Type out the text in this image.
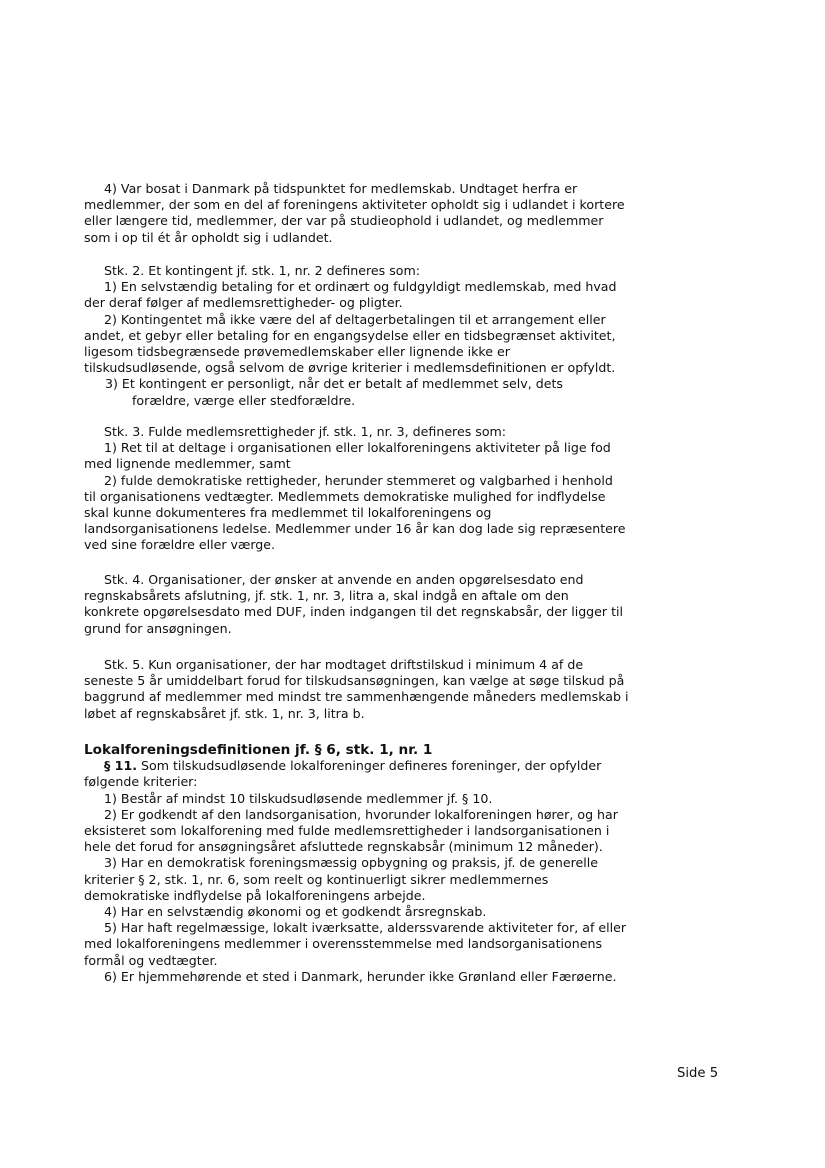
4) Var bosat i Danmark på tidspunktet for medlemskab. Undtaget herfra er

medlemmer, der som en del af foreningens aktiviteter opholdt sig i udlandet i kortere

eller længere tid, medlemmer, der var på studieophold i udlandet, og medlemmer

som i op til ét år opholdt sig i udlandet.

Stk. 2. Et kontingent jf. stk. 1, nr. 2 defineres som:

1) En selvstændig betaling for et ordinært og fuldgyldigt medlemskab, med hvad

der deraf følger af medlemsrettigheder- og pligter.

2) Kontingentet må ikke være del af deltagerbetalingen til et arrangement eller

andet, et gebyr eller betaling for en engangsydelse eller en tidsbegrænset aktivitet,

ligesom tidsbegrænsede prøvemedlemskaber eller lignende ikke er

tilskudsudløsende, også selvom de øvrige kriterier i medlemsdefinitionen er opfyldt.

3) Et kontingent er personligt, når det er betalt af medlemmet selv, dets

forældre, værge eller stedforældre.

Stk. 3. Fulde medlemsrettigheder jf. stk. 1, nr. 3, defineres som:

1) Ret til at deltage i organisationen eller lokalforeningens aktiviteter på lige fod

med lignende medlemmer, samt

2) fulde demokratiske rettigheder, herunder stemmeret og valgbarhed i henhold

til organisationens vedtægter. Medlemmets demokratiske mulighed for indflydelse

skal kunne dokumenteres fra medlemmet til lokalforeningens og

landsorganisationens ledelse. Medlemmer under 16 år kan dog lade sig repræsentere

ved sine forældre eller værge.

Stk. 4. Organisationer, der ønsker at anvende en anden opgørelsesdato end

regnskabsårets afslutning, jf. stk. 1, nr. 3, litra a, skal indgå en aftale om den

konkrete opgørelsesdato med DUF, inden indgangen til det regnskabsår, der ligger til

grund for ansøgningen.

Stk. 5. Kun organisationer, der har modtaget driftstilskud i minimum 4 af de

seneste 5 år umiddelbart forud for tilskudsansøgningen, kan vælge at søge tilskud på

baggrund af medlemmer med mindst tre sammenhængende måneders medlemskab i

løbet af regnskabsåret jf. stk. 1, nr. 3, litra b.

Lokalforeningsdefinitionen jf. § 6, stk. 1, nr. 1

§ 11. Som tilskudsudløsende lokalforeninger defineres foreninger, der opfylder

følgende kriterier:

1) Består af mindst 10 tilskudsudløsende medlemmer jf. § 10.

2) Er godkendt af den landsorganisation, hvorunder lokalforeningen hører, og har

eksisteret som lokalforening med fulde medlemsrettigheder i landsorganisationen i

hele det forud for ansøgningsåret afsluttede regnskabsår (minimum 12 måneder).

3) Har en demokratisk foreningsmæssig opbygning og praksis, jf. de generelle

kriterier § 2, stk. 1, nr. 6, som reelt og kontinuerligt sikrer medlemmernes

demokratiske indflydelse på lokalforeningens arbejde.

4) Har en selvstændig økonomi og et godkendt årsregnskab.

5) Har haft regelmæssige, lokalt iværksatte, alderssvarende aktiviteter for, af eller

med lokalforeningens medlemmer i overensstemmelse med landsorganisationens

formål og vedtægter.

6) Er hjemmehørende et sted i Danmark, herunder ikke Grønland eller Færøerne.

Side 5
